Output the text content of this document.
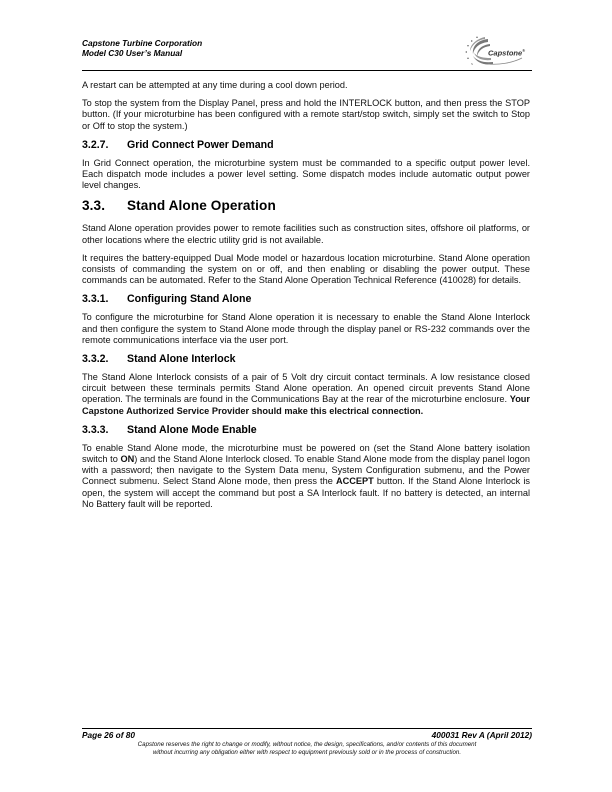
Capstone Turbine Corporation
Model C30 User’s Manual	Capstone®

A restart can be attempted at any time during a cool down period.

To stop the system from the Display Panel, press and hold the INTERLOCK button, and then press the STOP button. (If your microturbine has been configured with a remote start/stop switch, simply set the switch to Stop or Off to stop the system.)

3.2.7. Grid Connect Power Demand

In Grid Connect operation, the microturbine system must be commanded to a specific output power level. Each dispatch mode includes a power level setting. Some dispatch modes include automatic output power level changes.

3.3. Stand Alone Operation

Stand Alone operation provides power to remote facilities such as construction sites, offshore oil platforms, or other locations where the electric utility grid is not available.

It requires the battery-equipped Dual Mode model or hazardous location microturbine. Stand Alone operation consists of commanding the system on or off, and then enabling or disabling the power output. These commands can be automated. Refer to the Stand Alone Operation Technical Reference (410028) for details.

3.3.1. Configuring Stand Alone

To configure the microturbine for Stand Alone operation it is necessary to enable the Stand Alone Interlock and then configure the system to Stand Alone mode through the display panel or RS-232 commands over the remote communications interface via the user port.

3.3.2. Stand Alone Interlock

The Stand Alone Interlock consists of a pair of 5 Volt dry circuit contact terminals. A low resistance closed circuit between these terminals permits Stand Alone operation. An opened circuit prevents Stand Alone operation. The terminals are found in the Communications Bay at the rear of the microturbine enclosure. Your Capstone Authorized Service Provider should make this electrical connection.

3.3.3. Stand Alone Mode Enable

To enable Stand Alone mode, the microturbine must be powered on (set the Stand Alone battery isolation switch to ON) and the Stand Alone Interlock closed. To enable Stand Alone mode from the display panel logon with a password; then navigate to the System Data menu, System Configuration submenu, and the Power Connect submenu. Select Stand Alone mode, then press the ACCEPT button. If the Stand Alone Interlock is open, the system will accept the command but post a SA Interlock fault. If no battery is detected, an internal No Battery fault will be reported.

Page 26 of 80	400031 Rev A (April 2012)
Capstone reserves the right to change or modify, without notice, the design, specifications, and/or contents of this document
without incurring any obligation either with respect to equipment previously sold or in the process of construction.
